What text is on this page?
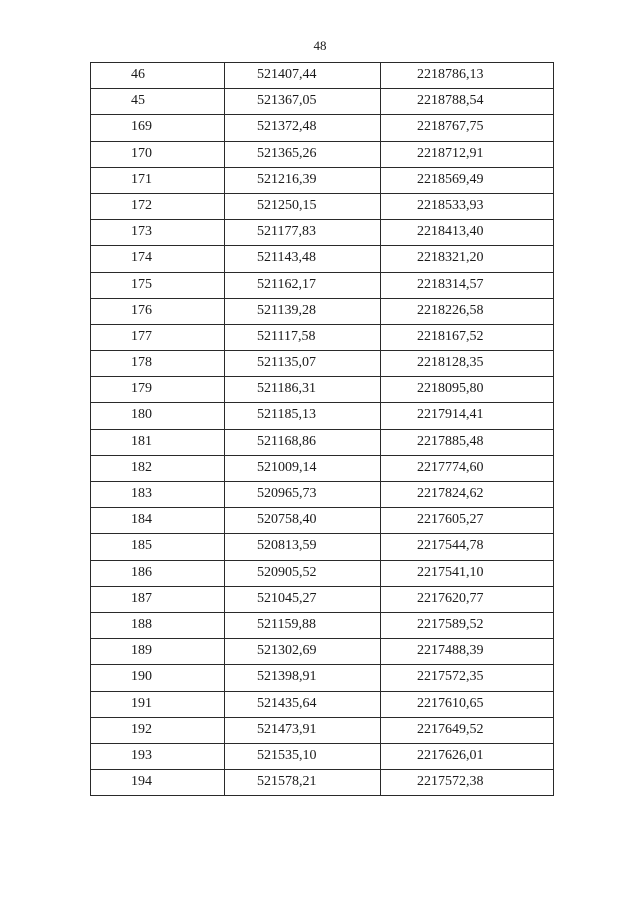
48
46	521407,44	2218786,13
45	521367,05	2218788,54
169	521372,48	2218767,75
170	521365,26	2218712,91
171	521216,39	2218569,49
172	521250,15	2218533,93
173	521177,83	2218413,40
174	521143,48	2218321,20
175	521162,17	2218314,57
176	521139,28	2218226,58
177	521117,58	2218167,52
178	521135,07	2218128,35
179	521186,31	2218095,80
180	521185,13	2217914,41
181	521168,86	2217885,48
182	521009,14	2217774,60
183	520965,73	2217824,62
184	520758,40	2217605,27
185	520813,59	2217544,78
186	520905,52	2217541,10
187	521045,27	2217620,77
188	521159,88	2217589,52
189	521302,69	2217488,39
190	521398,91	2217572,35
191	521435,64	2217610,65
192	521473,91	2217649,52
193	521535,10	2217626,01
194	521578,21	2217572,38
